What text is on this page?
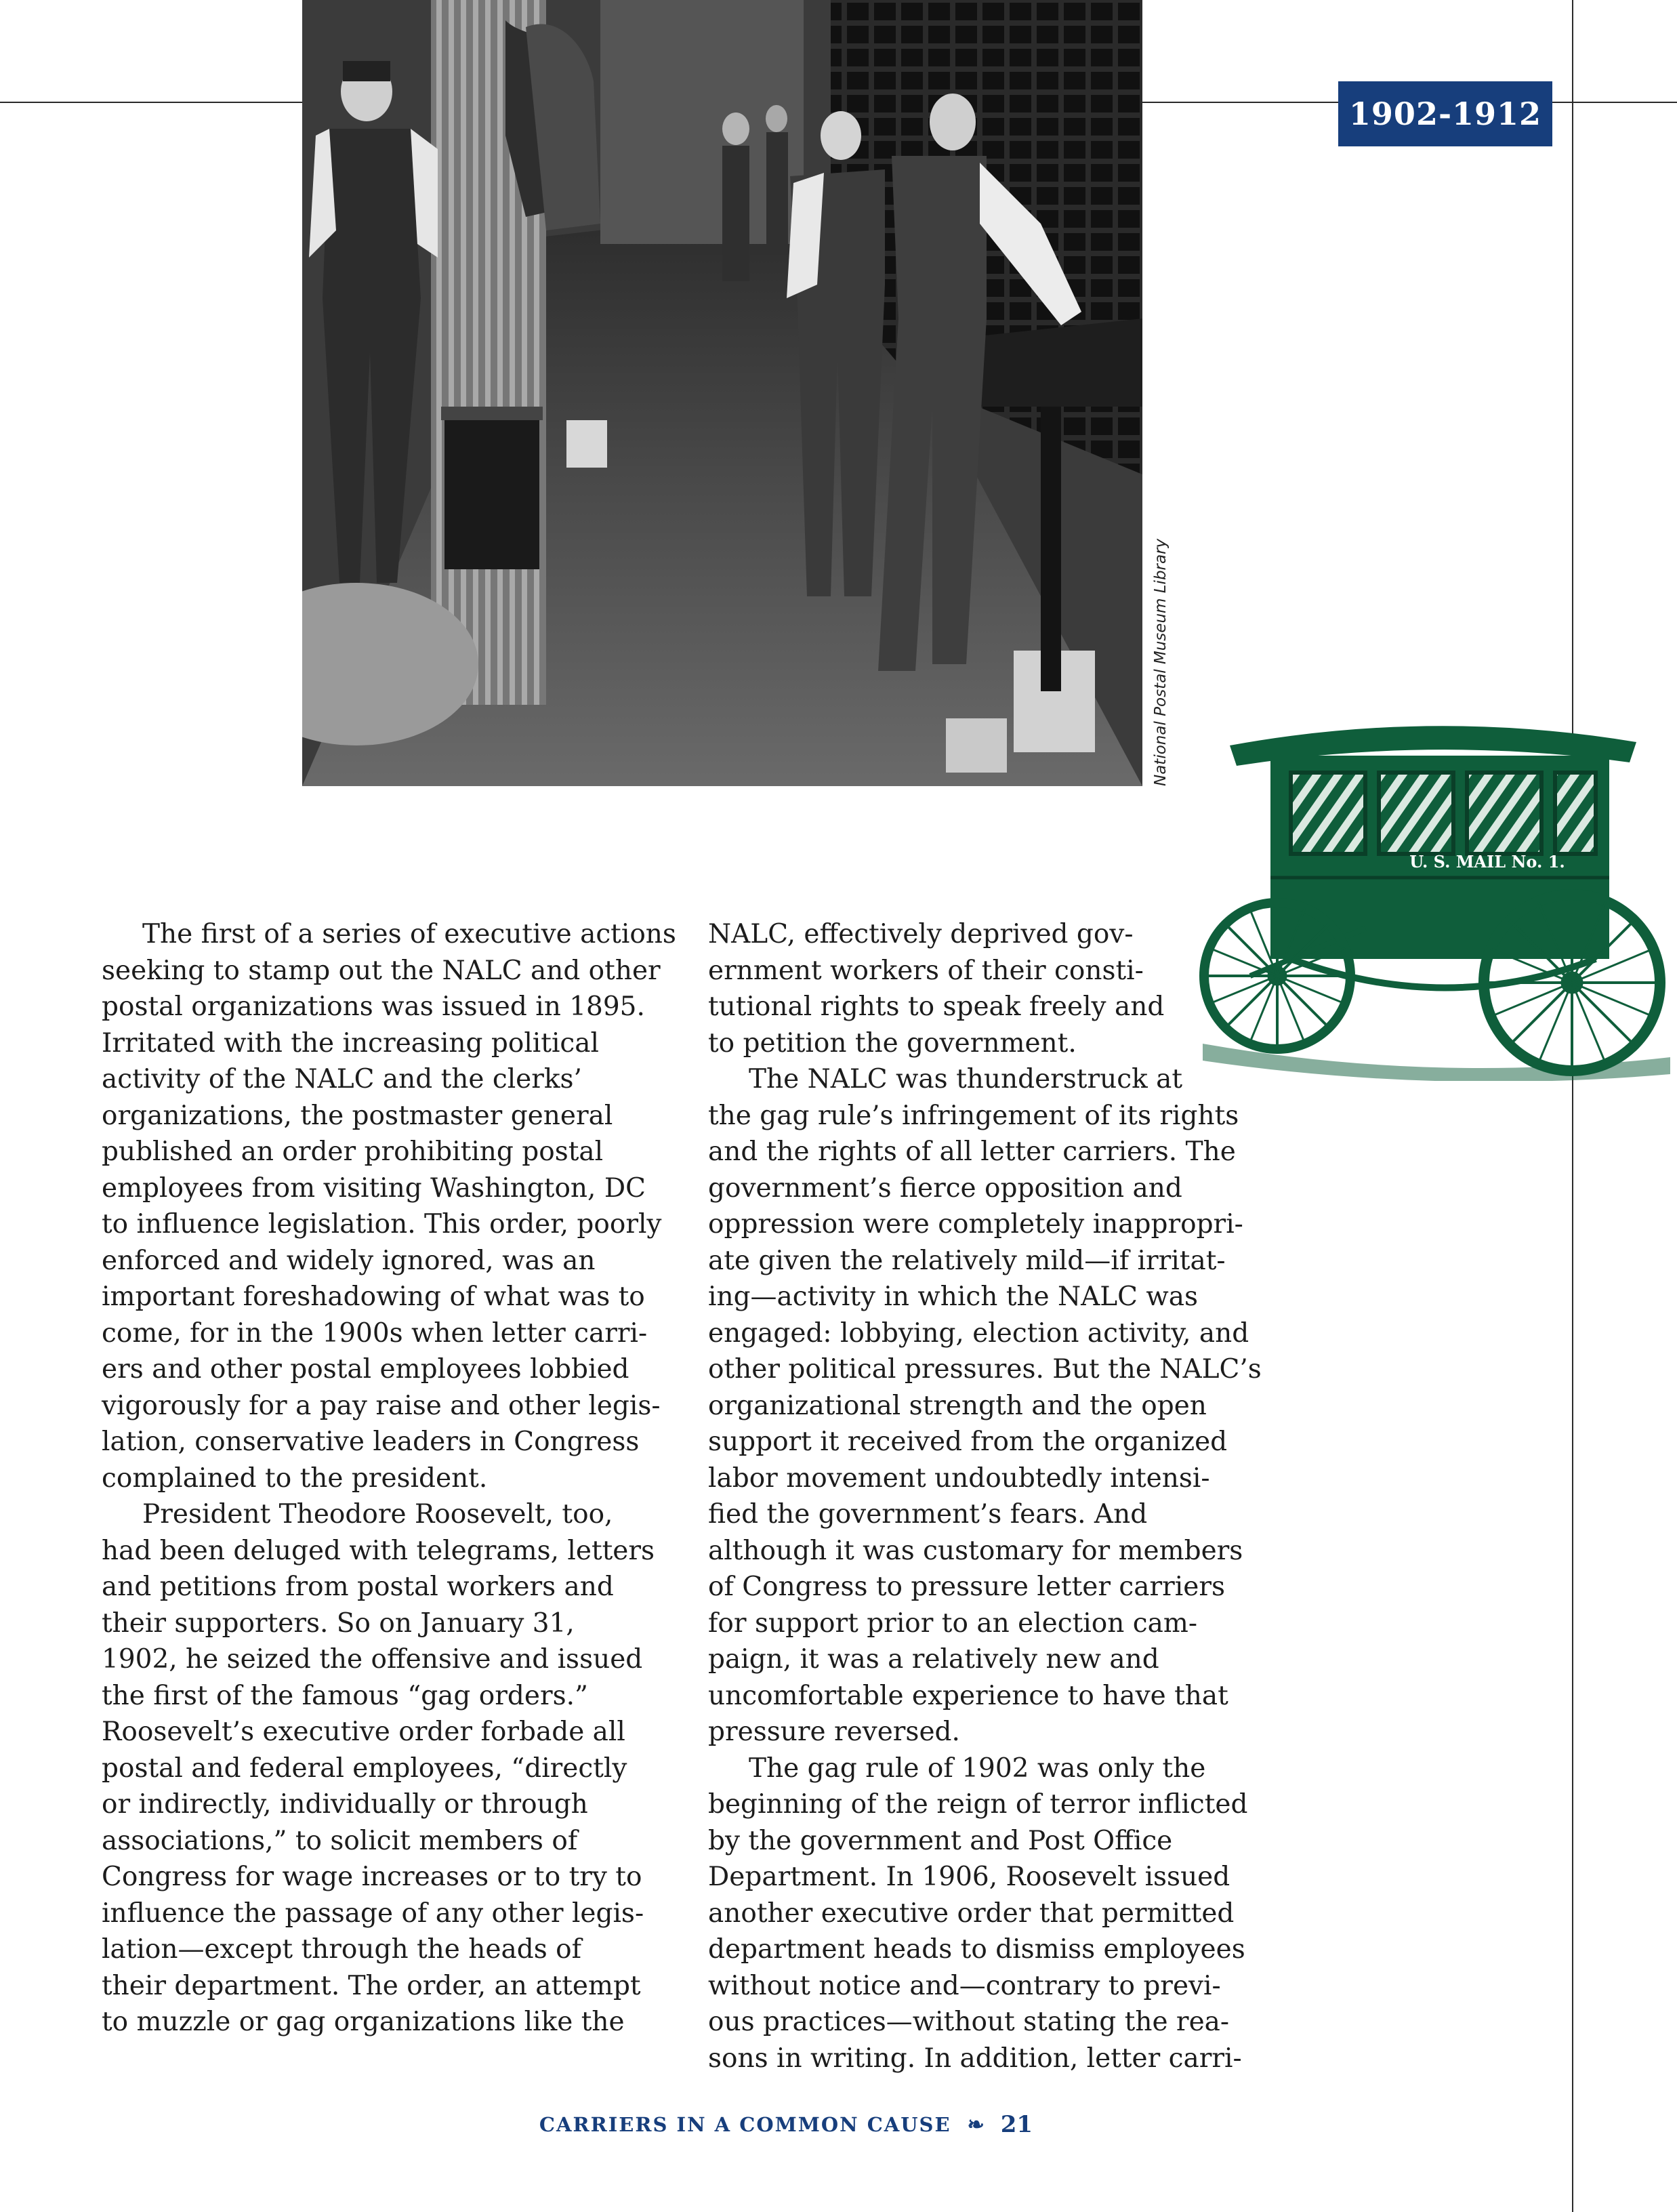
1902-1912
National Postal Museum Library
U. S. MAIL No. 1.
The first of a series of executive actions
seeking to stamp out the NALC and other
postal organizations was issued in 1895.
Irritated with the increasing political
activity of the NALC and the clerks’
organizations, the postmaster general
published an order prohibiting postal
employees from visiting Washington, DC
to influence legislation. This order, poorly
enforced and widely ignored, was an
important foreshadowing of what was to
come, for in the 1900s when letter carri-
ers and other postal employees lobbied
vigorously for a pay raise and other legis-
lation, conservative leaders in Congress
complained to the president.
President Theodore Roosevelt, too,
had been deluged with telegrams, letters
and petitions from postal workers and
their supporters. So on January 31,
1902, he seized the offensive and issued
the first of the famous “gag orders.”
Roosevelt’s executive order forbade all
postal and federal employees, “directly
or indirectly, individually or through
associations,” to solicit members of
Congress for wage increases or to try to
influence the passage of any other legis-
lation—except through the heads of
their department. The order, an attempt
to muzzle or gag organizations like the
NALC, effectively deprived gov-
ernment workers of their consti-
tutional rights to speak freely and
to petition the government.
The NALC was thunderstruck at
the gag rule’s infringement of its rights
and the rights of all letter carriers. The
government’s fierce opposition and
oppression were completely inappropri-
ate given the relatively mild—if irritat-
ing—activity in which the NALC was
engaged: lobbying, election activity, and
other political pressures. But the NALC’s
organizational strength and the open
support it received from the organized
labor movement undoubtedly intensi-
fied the government’s fears. And
although it was customary for members
of Congress to pressure letter carriers
for support prior to an election cam-
paign, it was a relatively new and
uncomfortable experience to have that
pressure reversed.
The gag rule of 1902 was only the
beginning of the reign of terror inflicted
by the government and Post Office
Department. In 1906, Roosevelt issued
another executive order that permitted
department heads to dismiss employees
without notice and—contrary to previ-
ous practices—without stating the rea-
sons in writing. In addition, letter carri-
CARRIERS IN A COMMON CAUSE ❧ 21
